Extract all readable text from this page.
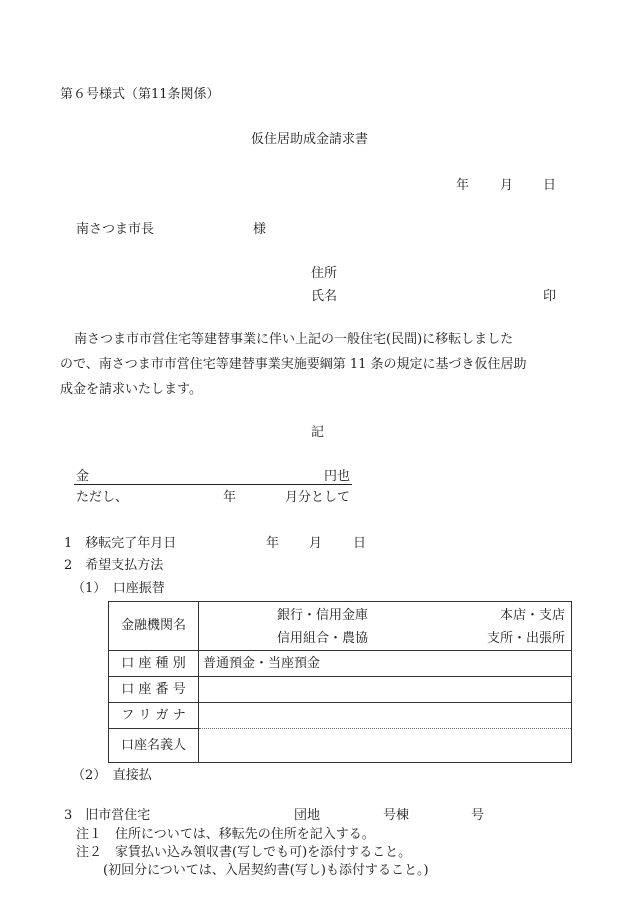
第６号様式（第11条関係）
仮住居助成金請求書
年 月 日
南さつま市長	様
住所
氏名	印
南さつま市市営住宅等建替事業に伴い上記の一般住宅(民間)に移転しました
ので、南さつま市市営住宅等建替事業実施要綱第 11 条の規定に基づき仮住居助
成金を請求いたします。
記
金	円也
ただし、	年	月分として
1　移転完了年月日	年 月 日
2　希望支払方法
（1）　口座振替
金融機関名	銀行・信用金庫 本店・支店
信用組合・農協 支所・出張所

口 座 種 別	普通預金・当座預金
口 座 番 号	
フ リ ガ ナ	
口座名義人	
（2）　直接払
3　旧市営住宅	団地	号棟	号
注１　住所については、移転先の住所を記入する。
注２　家賃払い込み領収書(写しでも可)を添付すること。
(初回分については、入居契約書(写し)も添付すること。)
